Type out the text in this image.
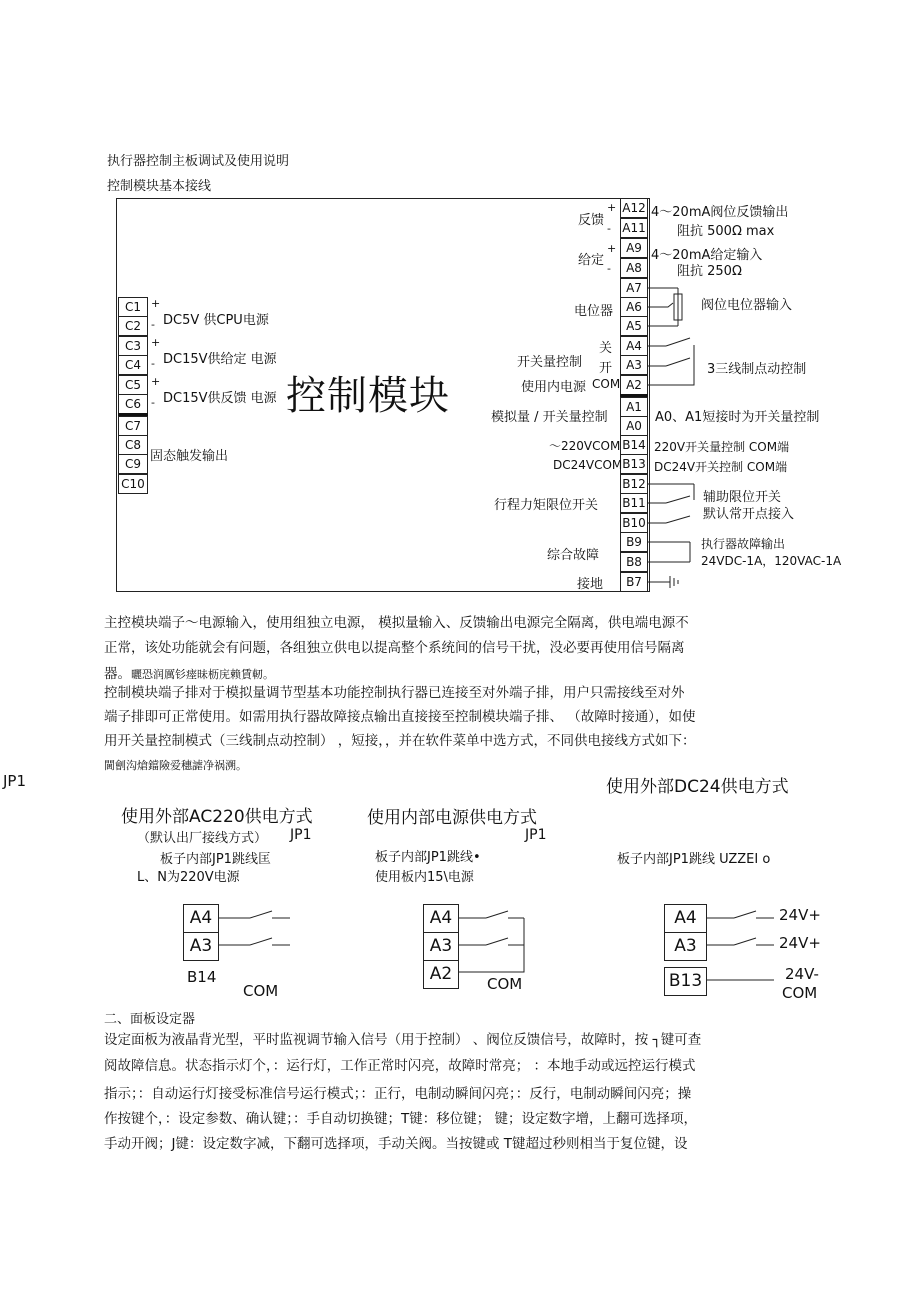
执行器控制主板调试及使用说明
控制模块基本接线
控制模块
C1
C2
C3
C4
C5
C6
C7
C8
C9
C10
+
-
+
-
+
-
DC5V 供CPU电源
DC15V供给定 电源
DC15V供反馈 电源
固态触发输出
A12
A11
A9
A8
A7
A6
A5
A4
A3
A2
A1
A0
B14
B13
B12
B11
B10
B9
B8
B7
反馈
+
-
给定
+
-
电位器
关
开
开关量控制
使用内电源 COM
模拟量 / 开关量控制
～220VCOM
DC24VCOM
行程力矩限位开关
综合故障
接地
4～20mA阀位反馈输出
阻抗 500Ω max
4～20mA给定输入
阻抗 250Ω
阀位电位器输入
3三线制点动控制
A0、A1短接时为开关量控制
220V开关量控制 COM端
DC24V开关控制 COM端
辅助限位开关
默认常开点接入
执行器故障输出
24VDC-1A，120VAC-1A
主控模块端子～电源输入，使用组独立电源， 模拟量输入、反馈输出电源完全隔离，供电端电源不
正常，该处功能就会有问题，各组独立供电以提高整个系统间的信号干扰，没必要再使用信号隔离
器。曬恐润厲钐瘗昧枥庑赖賃軔。
控制模块端子排对于模拟量调节型基本功能控制执行器已连接至对外端子排，用户只需接线至对外
端子排即可正常使用。如需用执行器故障接点输出直接接至控制模块端子排、 （故障时接通），如使
用开关量控制模式（三线制点动控制） ，短接，，并在软件菜单中选方式，不同供电接线方式如下：
閫劊沟熗鐺險爱穗謔净祸溯。
JP1	使用外部DC24供电方式
使用外部AC220供电方式	使用内部电源供电方式
（默认出厂接线方式） JP1	JP1
板子内部JP1跳线匡	板子内部JP1跳线•	板子内部JP1跳线 UZZEI o
L、N为220V电源	使用板内15\电源
A4
A3
B14
COM
A4
A3
A2	COM
A4
A3
B13
24V+
24V+
24V-
COM
二、面板设定器
设定面板为液晶背光型，平时监视调节输入信号（用于控制） 、阀位反馈信号，故障时，按 ┐键可查
阅故障信息。状态指示灯个，：运行灯，工作正常时闪亮，故障时常亮； ：本地手动或远控运行模式
指示；：自动运行灯接受标准信号运行模式；：正行，电制动瞬间闪亮；：反行，电制动瞬间闪亮；操
作按键个，：设定参数、确认键；：手自动切换键；T键：移位键； 键；设定数字增，上翻可选择项，
手动开阀；J键：设定数字减，下翻可选择项，手动关阀。当按键或 T键超过秒则相当于复位键，设
